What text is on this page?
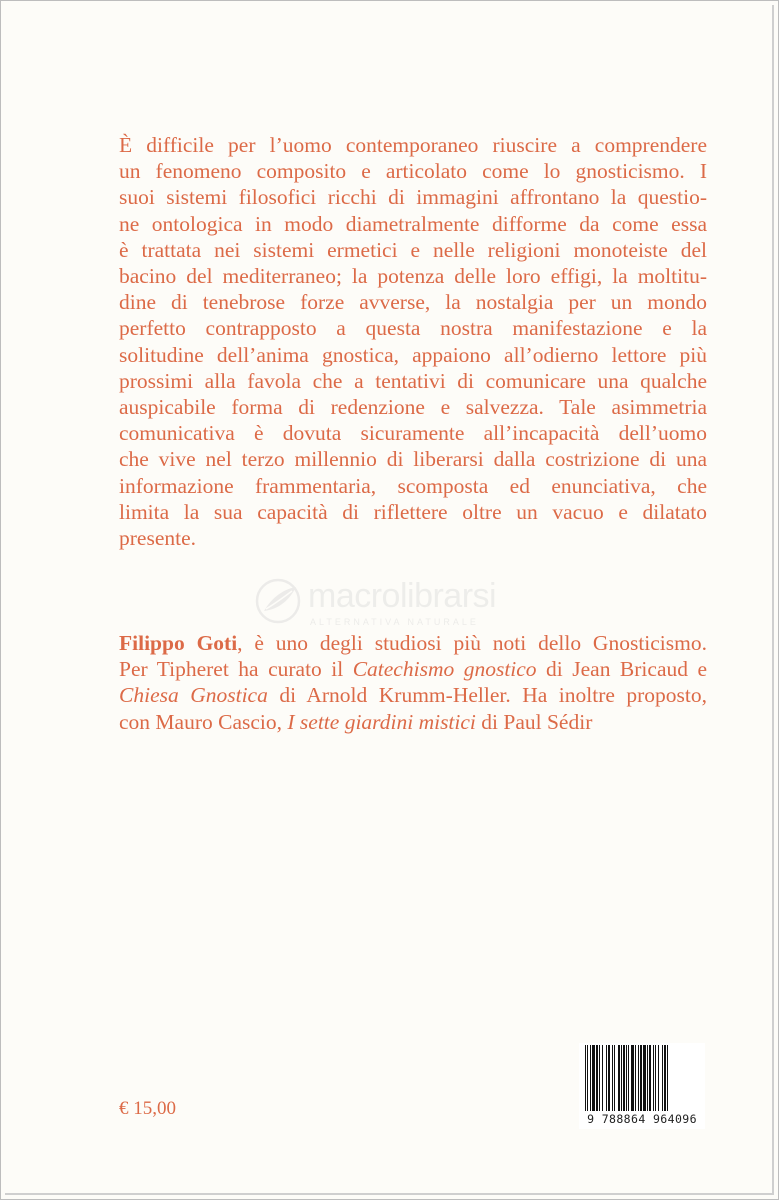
È difficile per l’uomo contemporaneo riuscire a comprendere
un fenomeno composito e articolato come lo gnosticismo. I
suoi sistemi filosofici ricchi di immagini affrontano la questio-
ne ontologica in modo diametralmente difforme da come essa
è trattata nei sistemi ermetici e nelle religioni monoteiste del
bacino del mediterraneo; la potenza delle loro effigi, la moltitu-
dine di tenebrose forze avverse, la nostalgia per un mondo
perfetto contrapposto a questa nostra manifestazione e la
solitudine dell’anima gnostica, appaiono all’odierno lettore più
prossimi alla favola che a tentativi di comunicare una qualche
auspicabile forma di redenzione e salvezza. Tale asimmetria
comunicativa è dovuta sicuramente all’incapacità dell’uomo
che vive nel terzo millennio di liberarsi dalla costrizione di una
informazione frammentaria, scomposta ed enunciativa, che
limita la sua capacità di riflettere oltre un vacuo e dilatato
presente.

macrolibrarsi
ALTERNATIVA NATURALE

Filippo Goti, è uno degli studiosi più noti dello Gnosticismo.
Per Tipheret ha curato il Catechismo gnostico di Jean Bricaud e
Chiesa Gnostica di Arnold Krumm-Heller. Ha inoltre proposto,
con Mauro Cascio, I sette giardini mistici di Paul Sédir

€ 15,00	9 788864 964096
